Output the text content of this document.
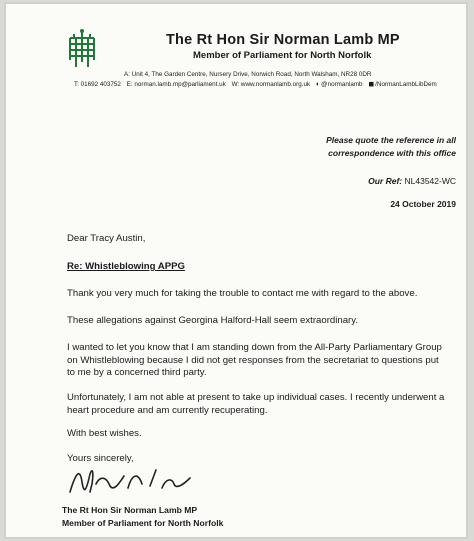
The Rt Hon Sir Norman Lamb MP
Member of Parliament for North Norfolk
A: Unit 4, The Garden Centre, Nursery Drive, Norwich Road, North Walsham, NR28 0DR
T: 01692 403752 E: norman.lamb.mp@parliament.uk W: www.normanlamb.org.uk ◐@normanlamb ◼/NormanLambLibDem
Please quote the reference in all correspondence with this office
Our Ref: NL43542-WC
24 October 2019
Dear Tracy Austin,
Re: Whistleblowing APPG

Thank you very much for taking the trouble to contact me with regard to the above.

These allegations against Georgina Halford-Hall seem extraordinary.

I wanted to let you know that I am standing down from the All-Party Parliamentary Group on Whistleblowing because I did not get responses from the secretariat to questions put to me by a concerned third party.

Unfortunately, I am not able at present to take up individual cases. I recently underwent a heart procedure and am currently recuperating.

With best wishes.

Yours sincerely,
The Rt Hon Sir Norman Lamb MP
Member of Parliament for North Norfolk
